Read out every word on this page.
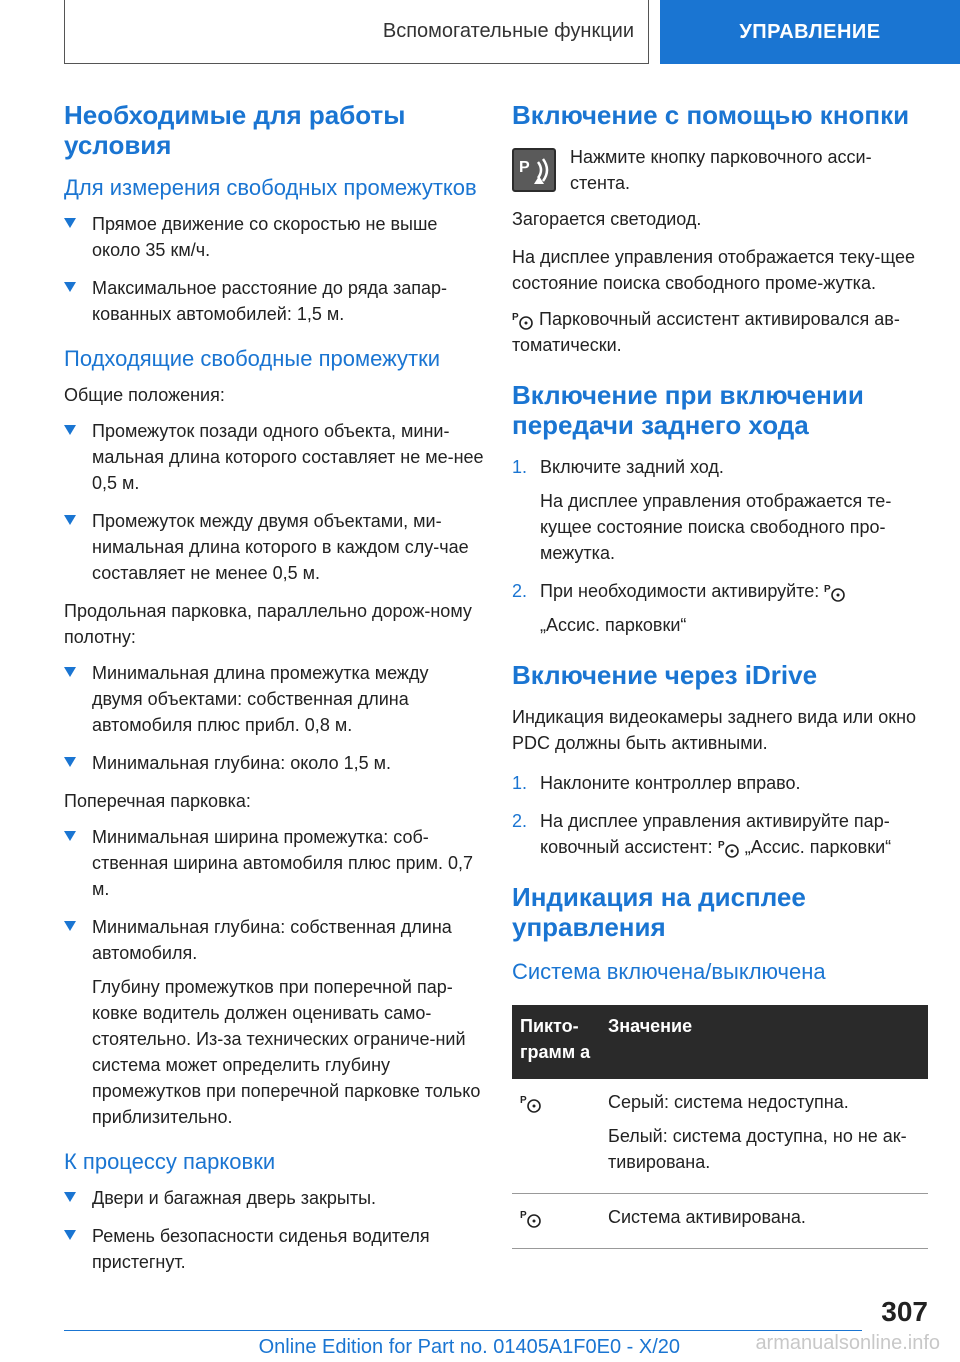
Вспомогательные функции	УПРАВЛЕНИЕ
Необходимые для работы условия
Для измерения свободных промежутков
Прямое движение со скоростью не выше около 35 км/ч.
Максимальное расстояние до ряда запар-кованных автомобилей: 1,5 м.
Подходящие свободные промежутки

Общие положения:

Промежуток позади одного объекта, мини-мальная длина которого составляет не ме-нее 0,5 м.
Промежуток между двумя объектами, ми-нимальная длина которого в каждом слу-чае составляет не менее 0,5 м.

Продольная парковка, параллельно дорож-ному полотну:

Минимальная длина промежутка между двумя объектами: собственная длина автомобиля плюс прибл. 0,8 м.
Минимальная глубина: около 1,5 м.

Поперечная парковка:

Минимальная ширина промежутка: соб-ственная ширина автомобиля плюс прим. 0,7 м.
Минимальная глубина: собственная длина автомобиля.
Глубину промежутков при поперечной пар-ковке водитель должен оценивать само-стоятельно. Из-за технических ограниче-ний система может определить глубину промежутков при поперечной парковке только приблизительно.
К процессу парковки
Двери и багажная дверь закрыты.
Ремень безопасности сиденья водителя пристегнут.
Включение с помощью кнопки
P

Нажмите кнопку парковочного асси-стента.

Загорается светодиод.

На дисплее управления отображается теку-щее состояние поиска свободного проме-жутка.

P Парковочный ассистент активировался ав-томатически.

Включение при включении передачи заднего хода
1. Включите задний ход.
На дисплее управления отображается те-кущее состояние поиска свободного про-межутка.
2. При необходимости активируйте: P
„Ассис. парковки“
Включение через iDrive

Индикация видеокамеры заднего вида или окно PDC должны быть активными.

1. Наклоните контроллер вправо.
2. На дисплее управления активируйте пар-ковочный ассистент: P „Ассис. парковки“
Индикация на дисплее управления
Система включена/выключена
Пикто-грамм а	Значение

P	Серый: система недоступна.

Белый: система доступна, но не ак-тивирована.

P	Система активирована.

307
Online Edition for Part no. 01405A1F0E0 - X/20	armanualsonline.info
